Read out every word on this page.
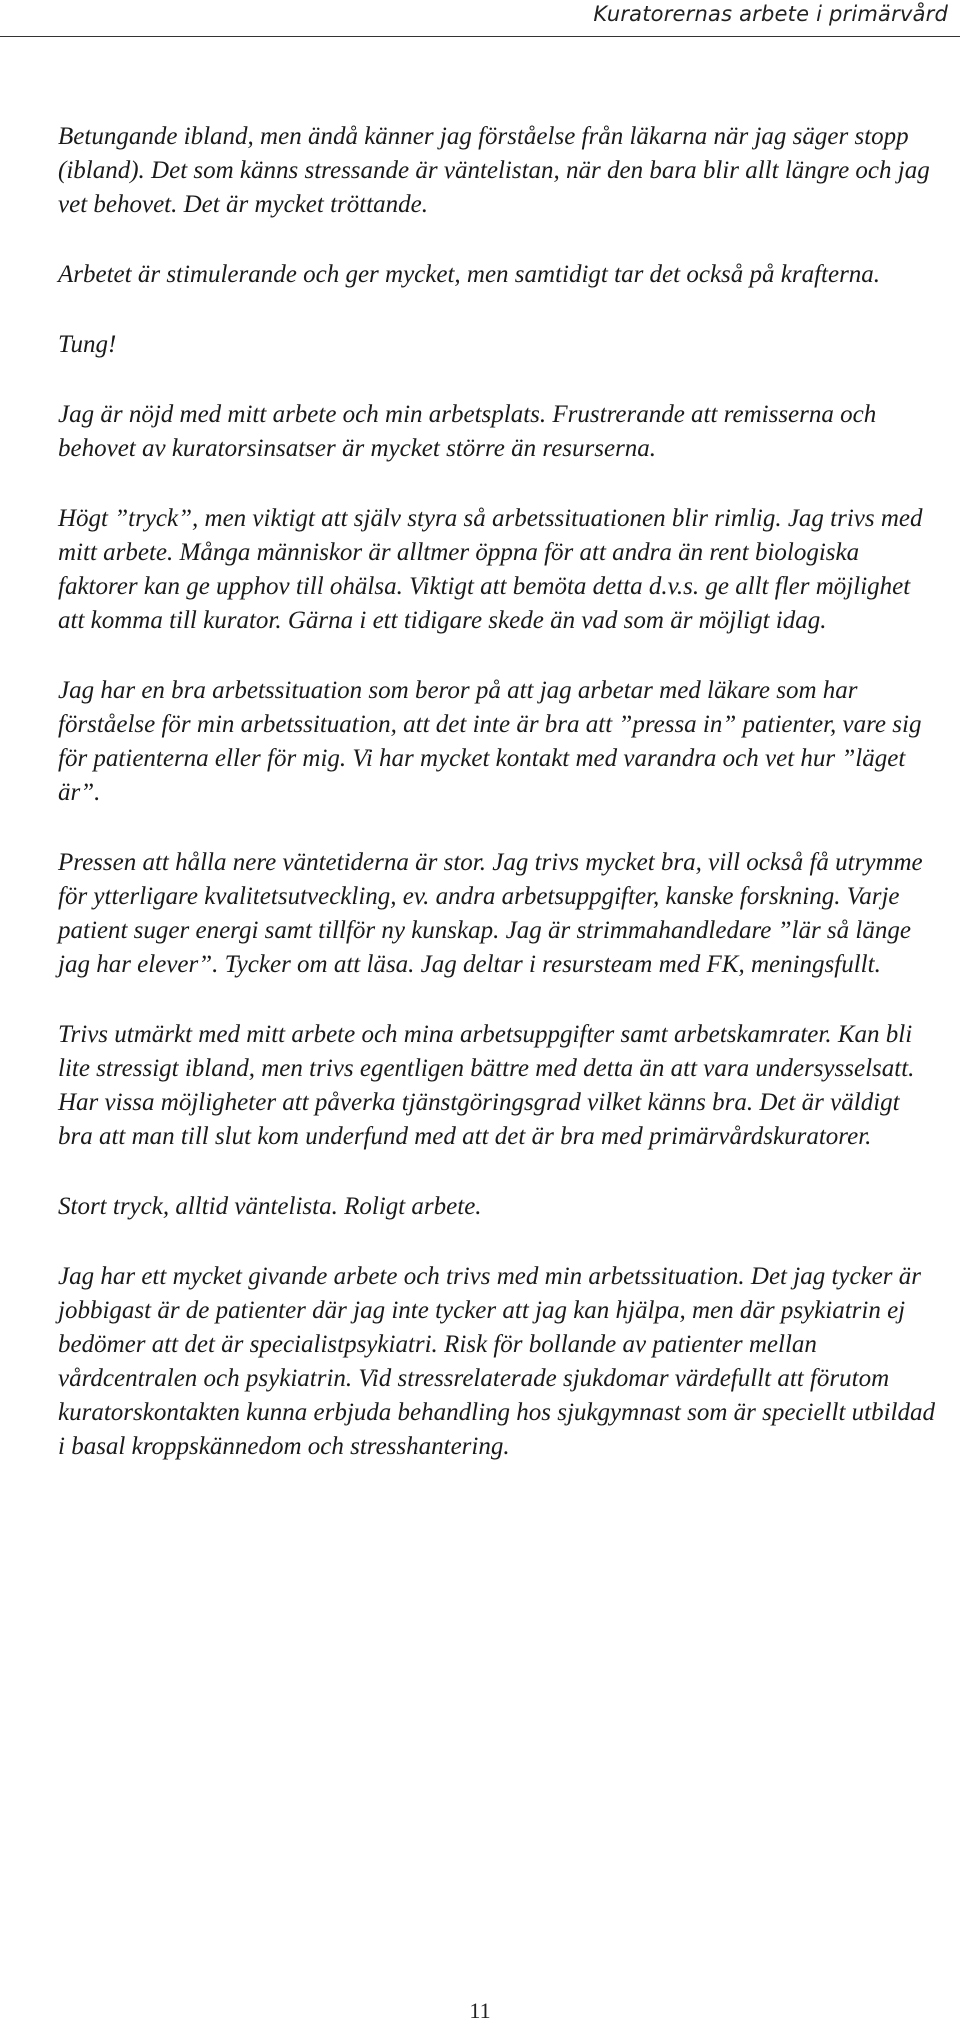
Kuratorernas arbete i primärvård

Betungande ibland, men ändå känner jag förståelse från läkarna när jag säger stopp (ibland). Det som känns stressande är väntelistan, när den bara blir allt längre och jag vet behovet. Det är mycket tröttande.

Arbetet är stimulerande och ger mycket, men samtidigt tar det också på krafterna.

Tung!

Jag är nöjd med mitt arbete och min arbetsplats. Frustrerande att remisserna och behovet av kuratorsinsatser är mycket större än resurserna.

Högt ”tryck”, men viktigt att själv styra så arbetssituationen blir rimlig. Jag trivs med mitt arbete. Många människor är alltmer öppna för att andra än rent biologiska faktorer kan ge upphov till ohälsa. Viktigt att bemöta detta d.v.s. ge allt fler möjlighet att komma till kurator. Gärna i ett tidigare skede än vad som är möjligt idag.

Jag har en bra arbetssituation som beror på att jag arbetar med läkare som har förståelse för min arbetssituation, att det inte är bra att ”pressa in” patienter, vare sig för patienterna eller för mig. Vi har mycket kontakt med varandra och vet hur ”läget är”.

Pressen att hålla nere väntetiderna är stor. Jag trivs mycket bra, vill också få utrymme för ytterligare kvalitetsutveckling, ev. andra arbetsuppgifter, kanske forskning. Varje patient suger energi samt tillför ny kunskap. Jag är strimmahandledare ”lär så länge jag har elever”. Tycker om att läsa. Jag deltar i resursteam med FK, meningsfullt.

Trivs utmärkt med mitt arbete och mina arbetsuppgifter samt arbetskamrater. Kan bli lite stressigt ibland, men trivs egentligen bättre med detta än att vara undersysselsatt. Har vissa möjligheter att påverka tjänstgöringsgrad vilket känns bra. Det är väldigt bra att man till slut kom underfund med att det är bra med primärvårdskuratorer.

Stort tryck, alltid väntelista. Roligt arbete.

Jag har ett mycket givande arbete och trivs med min arbetssituation. Det jag tycker är jobbigast är de patienter där jag inte tycker att jag kan hjälpa, men där psykiatrin ej bedömer att det är specialistpsykiatri. Risk för bollande av patienter mellan vårdcentralen och psykiatrin. Vid stressrelaterade sjukdomar värdefullt att förutom kuratorskontakten kunna erbjuda behandling hos sjukgymnast som är speciellt utbildad i basal kroppskännedom och stresshantering.

11
